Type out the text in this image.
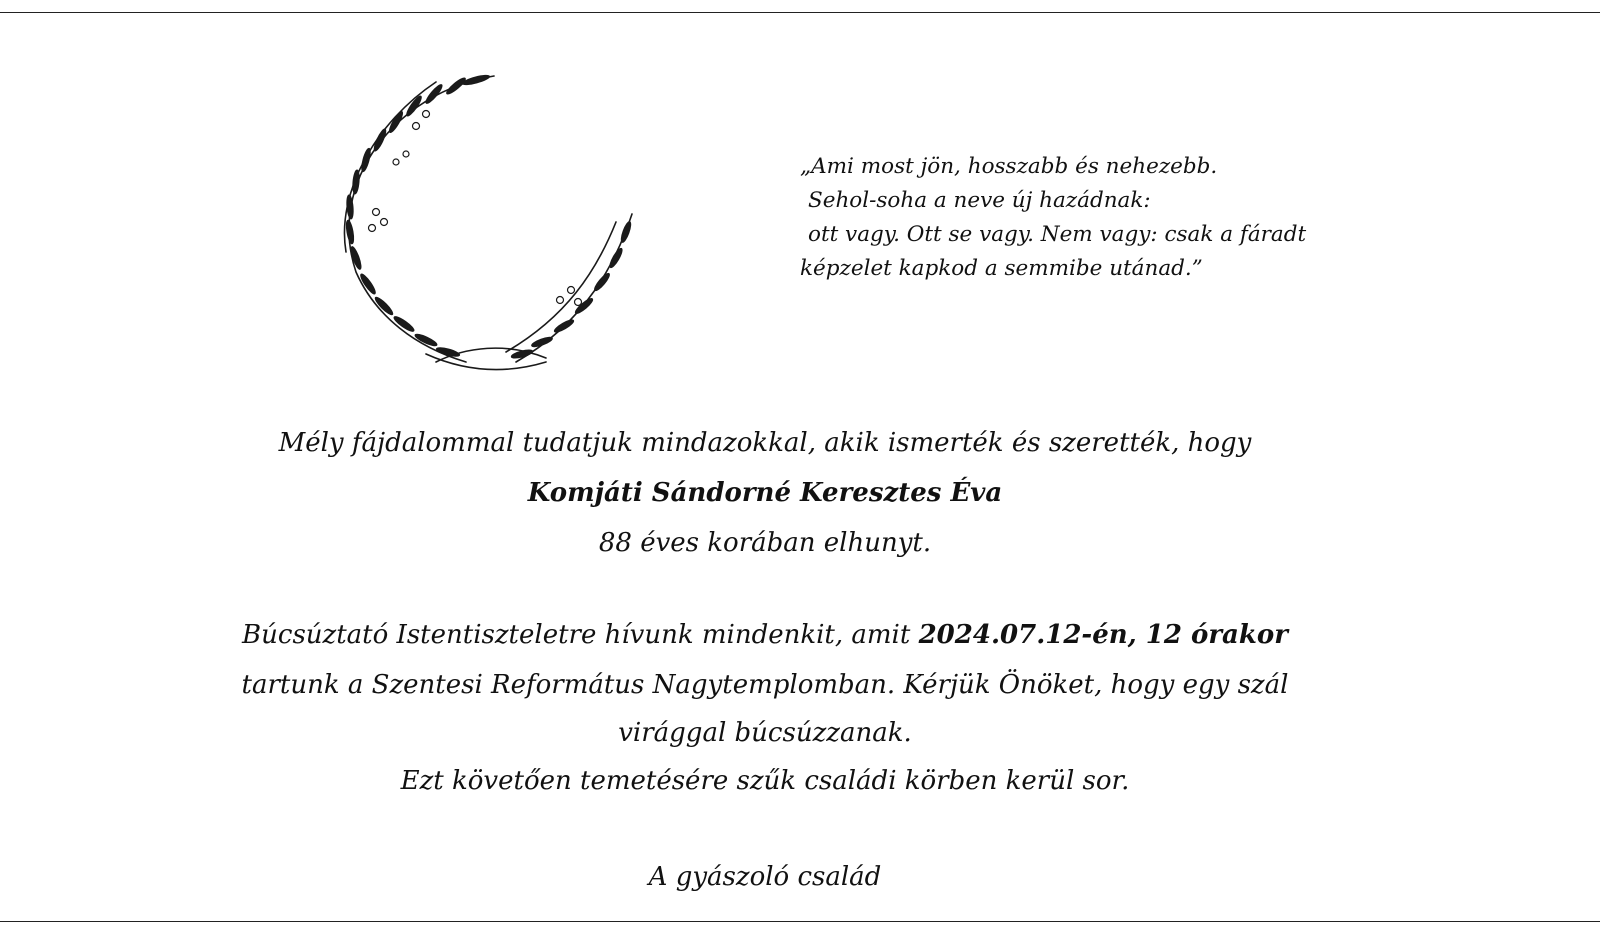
„Ami most jön, hosszabb és nehezebb.
Sehol-soha a neve új hazádnak:
ott vagy. Ott se vagy. Nem vagy: csak a fáradt
képzelet kapkod a semmibe utánad.”
Mély fájdalommal tudatjuk mindazokkal, akik ismerték és szerették, hogy
Komjáti Sándorné Keresztes Éva
88 éves korában elhunyt.
Búcsúztató Istentiszteletre hívunk mindenkit, amit 2024.07.12-én, 12 órakor
tartunk a Szentesi Református Nagytemplomban. Kérjük Önöket, hogy egy szál
virággal búcsúzzanak.
Ezt követően temetésére szűk családi körben kerül sor.
A gyászoló család
